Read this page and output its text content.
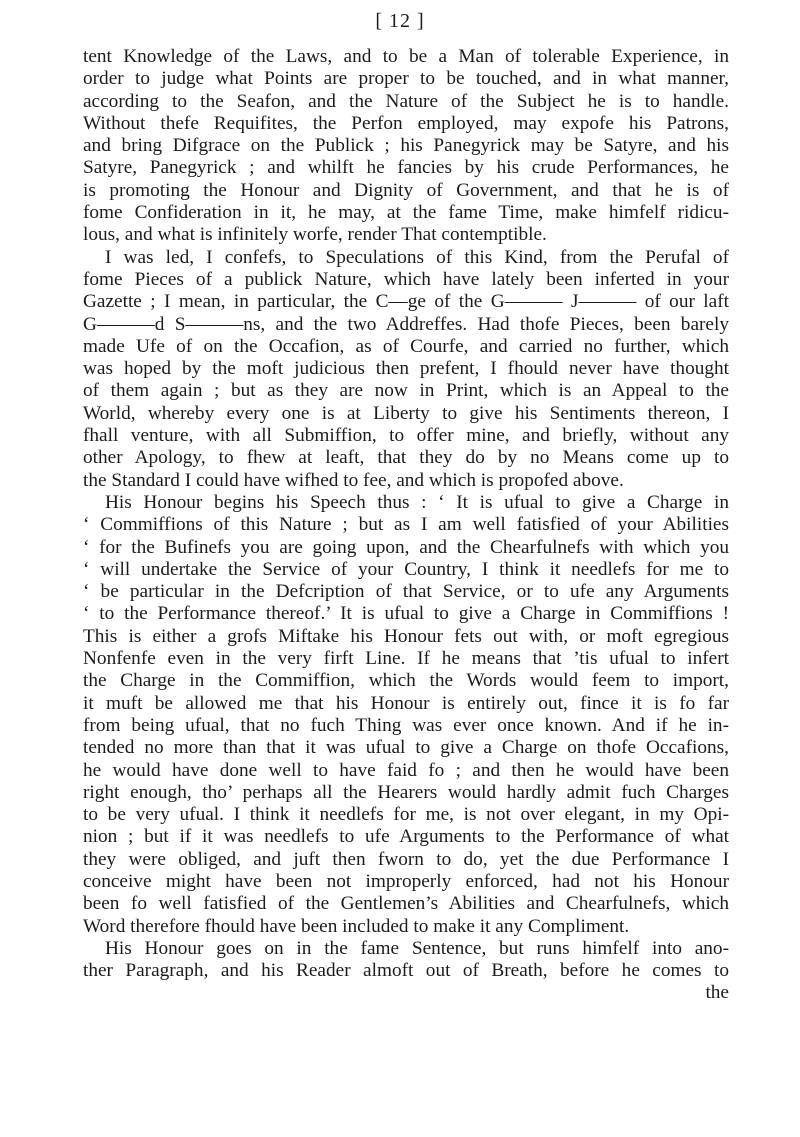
[ 12 ]
tent Knowledge of the Laws, and to be a Man of tolerable Experience, in
order to judge what Points are proper to be touched, and in what manner,
according to the Seafon, and the Nature of the Subject he is to handle.
Without thefe Requifites, the Perfon employed, may expofe his Patrons,
and bring Difgrace on the Publick ; his Panegyrick may be Satyre, and his
Satyre, Panegyrick ; and whilft he fancies by his crude Performances, he
is promoting the Honour and Dignity of Government, and that he is of
fome Confideration in it, he may, at the fame Time, make himfelf ridicu-
lous, and what is infinitely worfe, render That contemptible.
I was led, I confefs, to Speculations of this Kind, from the Perufal of
fome Pieces of a publick Nature, which have lately been inferted in your
Gazette ; I mean, in particular, the C—ge of the G——— J——— of our laft
G———d S———ns, and the two Addreffes. Had thofe Pieces, been barely
made Ufe of on the Occafion, as of Courfe, and carried no further, which
was hoped by the moft judicious then prefent, I fhould never have thought
of them again ; but as they are now in Print, which is an Appeal to the
World, whereby every one is at Liberty to give his Sentiments thereon, I
fhall venture, with all Submiffion, to offer mine, and briefly, without any
other Apology, to fhew at leaft, that they do by no Means come up to
the Standard I could have wifhed to fee, and which is propofed above.
His Honour begins his Speech thus : ‘ It is ufual to give a Charge in
‘ Commiffions of this Nature ; but as I am well fatisfied of your Abilities
‘ for the Bufinefs you are going upon, and the Chearfulnefs with which you
‘ will undertake the Service of your Country, I think it needlefs for me to
‘ be particular in the Defcription of that Service, or to ufe any Arguments
‘ to the Performance thereof.’ It is ufual to give a Charge in Commiffions !
This is either a grofs Miftake his Honour fets out with, or moft egregious
Nonfenfe even in the very firft Line. If he means that ’tis ufual to infert
the Charge in the Commiffion, which the Words would feem to import,
it muft be allowed me that his Honour is entirely out, fince it is fo far
from being ufual, that no fuch Thing was ever once known. And if he in-
tended no more than that it was ufual to give a Charge on thofe Occafions,
he would have done well to have faid fo ; and then he would have been
right enough, tho’ perhaps all the Hearers would hardly admit fuch Charges
to be very ufual. I think it needlefs for me, is not over elegant, in my Opi-
nion ; but if it was needlefs to ufe Arguments to the Performance of what
they were obliged, and juft then fworn to do, yet the due Performance I
conceive might have been not improperly enforced, had not his Honour
been fo well fatisfied of the Gentlemen’s Abilities and Chearfulnefs, which
Word therefore fhould have been included to make it any Compliment.
His Honour goes on in the fame Sentence, but runs himfelf into ano-
ther Paragraph, and his Reader almoft out of Breath, before he comes to
the
